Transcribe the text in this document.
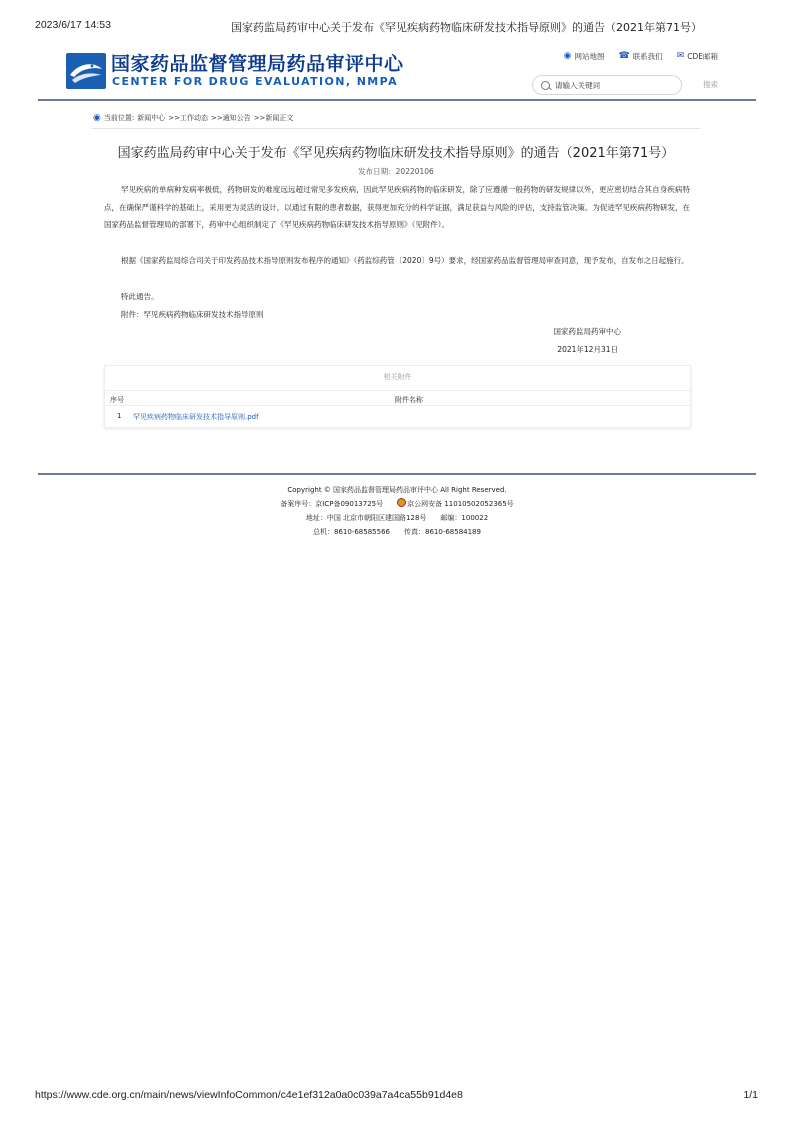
2023/6/17 14:53	国家药监局药审中心关于发布《罕见疾病药物临床研发技术指导原则》的通告（2021年第71号）
国家药品监督管理局药品审评中心
CENTER FOR DRUG EVALUATION, NMPA
◉ 网站地图 ☎ 联系我们 ✉ CDE邮箱
请输入关键词
搜索
◉ 当前位置: 新闻中心 >>工作动态 >>通知公告 >>新闻正文
国家药监局药审中心关于发布《罕见疾病药物临床研发技术指导原则》的通告（2021年第71号）
发布日期：20220106

罕见疾病的单病种发病率极低，药物研发的难度远远超过常见多发疾病，因此罕见疾病药物的临床研发，除了应遵循一般药物的研发规律以外，更应密切结合其自身疾病特点，在确保严谨科学的基础上，采用更为灵活的设计，以通过有限的患者数据，获得更加充分的科学证据，满足获益与风险的评估，支持监管决策。为促进罕见疾病药物研发，在国家药品监督管理局的部署下，药审中心组织制定了《罕见疾病药物临床研发技术指导原则》（见附件）。

根据《国家药监局综合司关于印发药品技术指导原则发布程序的通知》（药监综药管〔2020〕9号）要求，经国家药品监督管理局审查同意，现予发布，自发布之日起施行。

特此通告。

附件：罕见疾病药物临床研发技术指导原则

国家药监局药审中心
2021年12月31日
相关附件
序号	附件名称
1 罕见疾病药物临床研发技术指导原则.pdf
Copyright © 国家药品监督管理局药品审评中心 All Right Reserved.
备案序号：京ICP备09013725号	京公网安备 11010502052365号
地址：中国 北京市朝阳区建国路128号 邮编：100022
总机：8610-68585566 传真：8610-68584189
https://www.cde.org.cn/main/news/viewInfoCommon/c4e1ef312a0a0c039a7a4ca55b91d4e8	1/1
